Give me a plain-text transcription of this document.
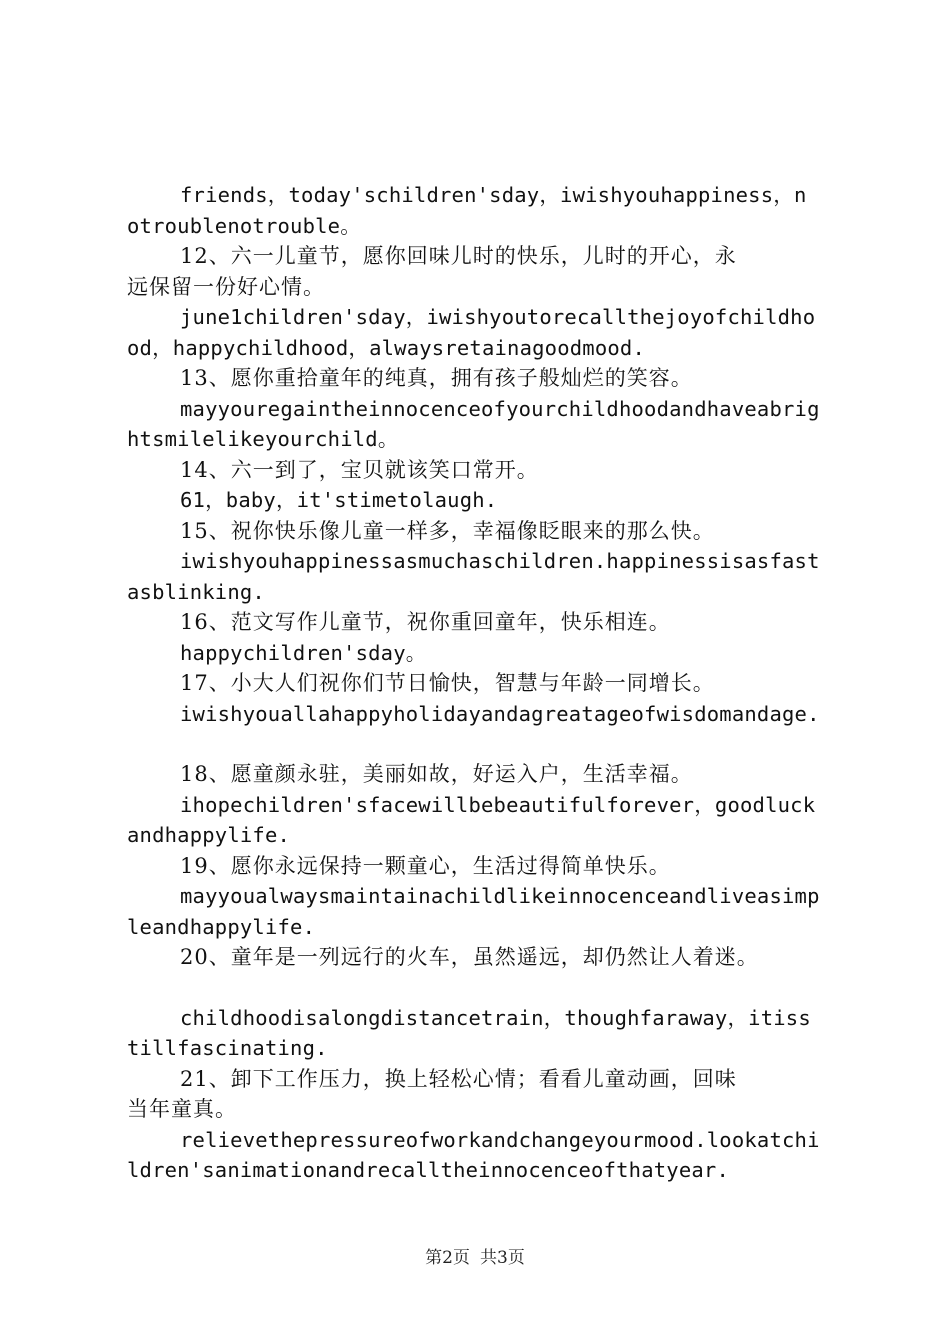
friends，today'schildren'sday，iwishyouhappiness，n
otroublenotrouble。

12、六一儿童节，愿你回味儿时的快乐，儿时的开心，永
远保留一份好心情。

june1children'sday，iwishyoutorecallthejoyofchildho
od，happychildhood，alwaysretainagoodmood.

13、愿你重拾童年的纯真，拥有孩子般灿烂的笑容。

mayyouregaintheinnocenceofyourchildhoodandhaveabrig
htsmilelikeyourchild。

14、六一到了，宝贝就该笑口常开。

61，baby，it'stimetolaugh.

15、祝你快乐像儿童一样多，幸福像眨眼来的那么快。

iwishyouhappinessasmuchaschildren.happinessisasfast
asblinking.

16、范文写作儿童节，祝你重回童年，快乐相连。

happychildren'sday。

17、小大人们祝你们节日愉快，智慧与年龄一同增长。

iwishyouallahappyholidayandagreatageofwisdomandage.

18、愿童颜永驻，美丽如故，好运入户，生活幸福。

ihopechildren'sfacewillbebeautifulforever，goodluck
andhappylife.

19、愿你永远保持一颗童心，生活过得简单快乐。

mayyoualwaysmaintainachildlikeinnocenceandliveasimp
leandhappylife.

20、童年是一列远行的火车，虽然遥远，却仍然让人着迷。

childhoodisalongdistancetrain，thoughfaraway，itiss
tillfascinating.

21、卸下工作压力，换上轻松心情；看看儿童动画，回味
当年童真。

relievethepressureofworkandchangeyourmood.lookatchi
ldren'sanimationandrecalltheinnocenceofthatyear.

第2页 共3页
